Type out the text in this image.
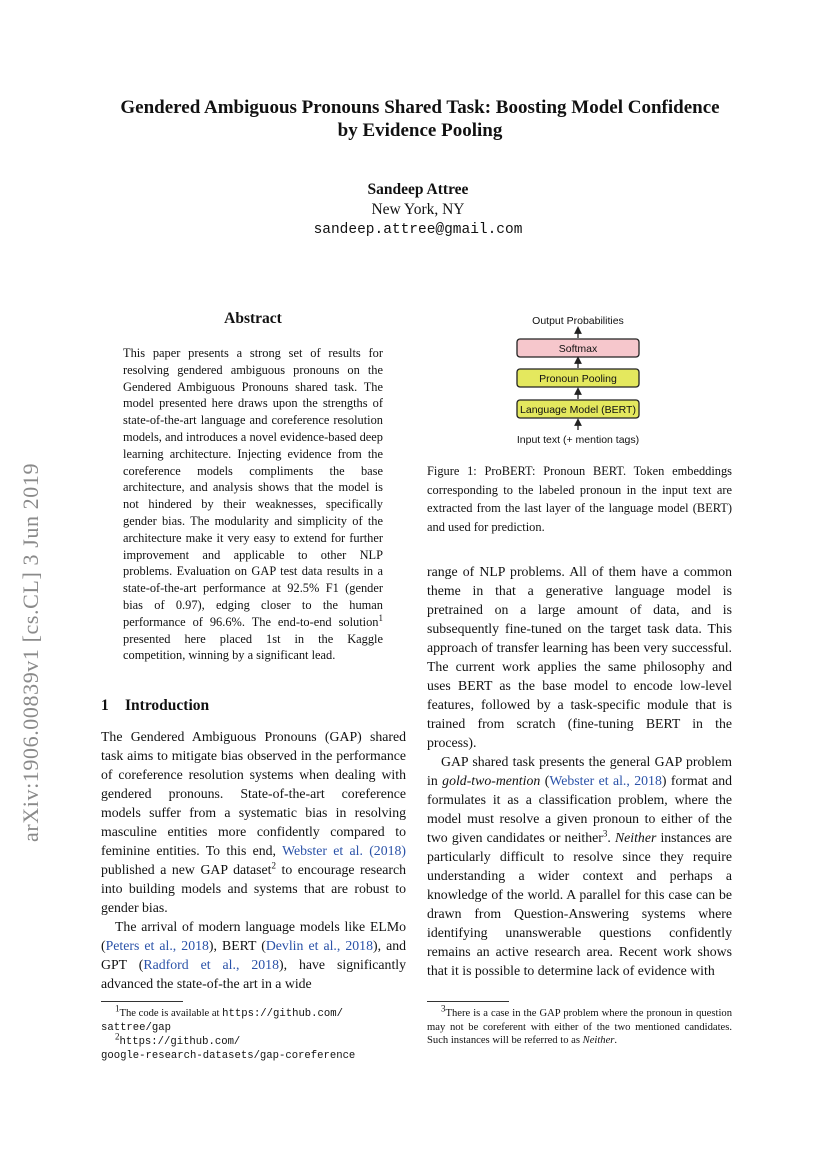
Gendered Ambiguous Pronouns Shared Task: Boosting Model Confidence
by Evidence Pooling
Sandeep Attree
New York, NY
sandeep.attree@gmail.com
arXiv:1906.00839v1 [cs.CL] 3 Jun 2019
Abstract
This paper presents a strong set of results for resolving gendered ambiguous pronouns on the Gendered Ambiguous Pronouns shared task. The model presented here draws upon the strengths of state-of-the-art language and coreference resolution models, and introduces a novel evidence-based deep learning architecture. Injecting evidence from the coreference models compliments the base architecture, and analysis shows that the model is not hindered by their weaknesses, specifically gender bias. The modularity and simplicity of the architecture make it very easy to extend for further improvement and applicable to other NLP problems. Evaluation on GAP test data results in a state-of-the-art performance at 92.5% F1 (gender bias of 0.97), edging closer to the human performance of 96.6%. The end-to-end solution$^1$ presented here placed 1st in the Kaggle competition, winning by a significant lead.
1 Introduction

The Gendered Ambiguous Pronouns (GAP) shared task aims to mitigate bias observed in the performance of coreference resolution systems when dealing with gendered pronouns. State-of-the-art coreference models suffer from a systematic bias in resolving masculine entities more confidently compared to feminine entities. To this end, Webster et al. (2018) published a new GAP dataset$^2$ to encourage research into building models and systems that are robust to gender bias.

The arrival of modern language models like ELMo (Peters et al., 2018), BERT (Devlin et al., 2018), and GPT (Radford et al., 2018), have significantly advanced the state-of-the art in a wide

$^1$The code is available at https://github.com/
sattree/gap
$^2$https://github.com/
google-research-datasets/gap-coreference
Output Probabilities
Softmax
Pronoun Pooling
Language Model (BERT)
Input text (+ mention tags)
Figure 1: ProBERT: Pronoun BERT. Token embeddings corresponding to the labeled pronoun in the input text are extracted from the last layer of the language model (BERT) and used for prediction.

range of NLP problems. All of them have a common theme in that a generative language model is pretrained on a large amount of data, and is subsequently fine-tuned on the target task data. This approach of transfer learning has been very successful. The current work applies the same philosophy and uses BERT as the base model to encode low-level features, followed by a task-specific module that is trained from scratch (fine-tuning BERT in the process).

GAP shared task presents the general GAP problem in gold-two-mention (Webster et al., 2018) format and formulates it as a classification problem, where the model must resolve a given pronoun to either of the two given candidates or neither$^3$. Neither instances are particularly difficult to resolve since they require understanding a wider context and perhaps a knowledge of the world. A parallel for this case can be drawn from Question-Answering systems where identifying unanswerable questions confidently remains an active research area. Recent work shows that it is possible to determine lack of evidence with

$^3$There is a case in the GAP problem where the pronoun in question may not be coreferent with either of the two mentioned candidates. Such instances will be referred to as Neither.
